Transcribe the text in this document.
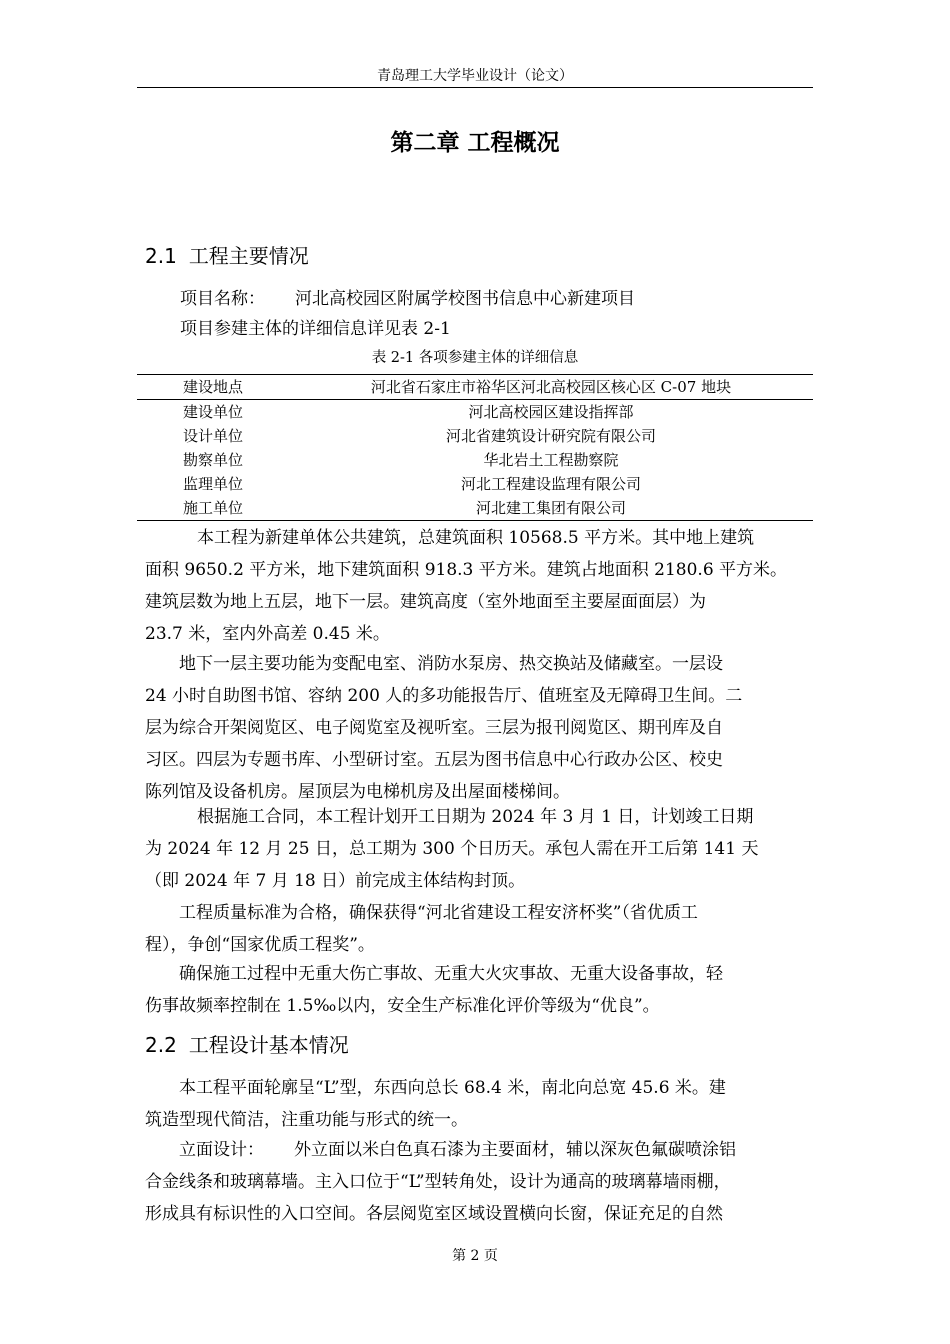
青岛理工大学毕业设计（论文）
第二章 工程概况
2.1 工程主要情况
项目名称： 河北高校园区附属学校图书信息中心新建项目
项目参建主体的详细信息详见表 2-1
表 2-1 各项参建主体的详细信息
建设地点	河北省石家庄市裕华区河北高校园区核心区 C-07 地块
建设单位	河北高校园区建设指挥部
设计单位	河北省建筑设计研究院有限公司
勘察单位	华北岩土工程勘察院
监理单位	河北工程建设监理有限公司
施工单位	河北建工集团有限公司
本工程为新建单体公共建筑，总建筑面积 10568.5 平方米。其中地上建筑
面积 9650.2 平方米，地下建筑面积 918.3 平方米。建筑占地面积 2180.6 平方米。
建筑层数为地上五层，地下一层。建筑高度（室外地面至主要屋面面层）为
23.7 米，室内外高差 0.45 米。
地下一层主要功能为变配电室、消防水泵房、热交换站及储藏室。一层设
24 小时自助图书馆、容纳 200 人的多功能报告厅、值班室及无障碍卫生间。二
层为综合开架阅览区、电子阅览室及视听室。三层为报刊阅览区、期刊库及自
习区。四层为专题书库、小型研讨室。五层为图书信息中心行政办公区、校史
陈列馆及设备机房。屋顶层为电梯机房及出屋面楼梯间。
根据施工合同，本工程计划开工日期为 2024 年 3 月 1 日，计划竣工日期
为 2024 年 12 月 25 日，总工期为 300 个日历天。承包人需在开工后第 141 天
（即 2024 年 7 月 18 日）前完成主体结构封顶。
工程质量标准为合格，确保获得“河北省建设工程安济杯奖”（省优质工
程），争创“国家优质工程奖”。
确保施工过程中无重大伤亡事故、无重大火灾事故、无重大设备事故，轻
伤事故频率控制在 1.5‰以内，安全生产标准化评价等级为“优良”。
2.2 工程设计基本情况
本工程平面轮廓呈“L”型，东西向总长 68.4 米，南北向总宽 45.6 米。建
筑造型现代简洁，注重功能与形式的统一。
立面设计： 外立面以米白色真石漆为主要面材，辅以深灰色氟碳喷涂铝
合金线条和玻璃幕墙。主入口位于“L”型转角处，设计为通高的玻璃幕墙雨棚，
形成具有标识性的入口空间。各层阅览室区域设置横向长窗，保证充足的自然
第 2 页
